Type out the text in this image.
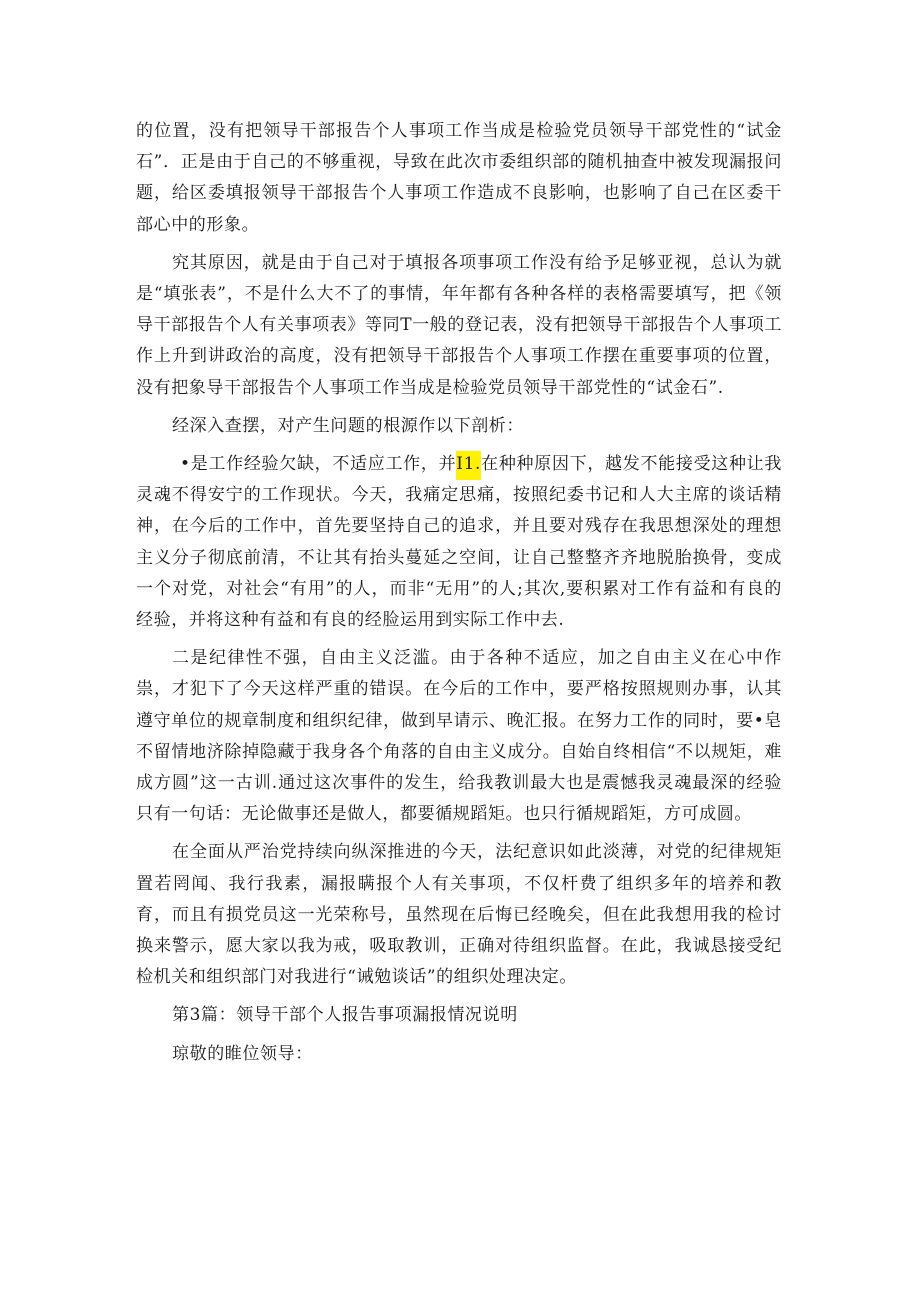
的位置，没有把领导干部报告个人事项工作当成是检验党员领导干部党性的“试金石”．正是由于自己的不够重视，导致在此次市委组织部的随机抽查中被发现漏报问题，给区委填报领导干部报告个人事项工作造成不良影响，也影响了自己在区委干部心中的形象。

究其原因，就是由于自己对于填报各项事项工作没有给予足够亚视，总认为就是“填张表”，不是什么大不了的事情，年年都有各种各样的表格需要填写，把《领导干部报告个人有关事项表》等同T一般的登记表，没有把领导干部报告个人事项工作上升到讲政治的高度，没有把领导干部报告个人事项工作摆在重要事项的位置，没有把象导干部报告个人事项工作当成是检验党员领导干部党性的“试金石”.

经深入查摆，对产生问题的根源作以下剖析：

•是工作经验欠缺，不适应工作，并I1.在种种原因下，越发不能接受这种让我灵魂不得安宁的工作现状。今天，我痛定思痛，按照纪委书记和人大主席的谈话精神，在今后的工作中，首先要坚持自己的追求，并且要对残存在我思想深处的理想主义分子彻底前清，不让其有抬头蔓延之空间，让自己整整齐齐地脱胎换骨，变成一个对党，对社会“有用”的人，而非“无用”的人;其次,要积累对工作有益和有良的经验，并将这种有益和有良的经脸运用到实际工作中去.

二是纪律性不强，自由主义泛滥。由于各种不适应，加之自由主义在心中作祟，才犯下了今天这样严重的错误。在今后的工作中，要严格按照规则办事，认其遵守单位的规章制度和组织纪律，做到早请示、晚汇报。在努力工作的同时，要•皂不留情地济除掉隐藏于我身各个角落的自由主义成分。自始自终相信“不以规矩，难成方圆”这一古训.通过这次事件的发生，给我教训最大也是震憾我灵魂最深的经验只有一句话：无论做事还是做人，都要循规蹈矩。也只行循规蹈矩，方可成圆。

在全面从严治党持续向纵深推进的今天，法纪意识如此淡薄，对党的纪律规矩置若罔闻、我行我素，漏报瞒报个人有关事项，不仅杆费了组织多年的培养和教育，而且有损党员这一光荣称号，虽然现在后悔已经晚矣，但在此我想用我的检讨换来警示，愿大家以我为戒，吸取教训，正确对待组织监督。在此，我诚恳接受纪检机关和组织部门对我进行“诫勉谈话”的组织处理决定。

第3篇：领导干部个人报告事项漏报情况说明

琼敬的睢位领导：
